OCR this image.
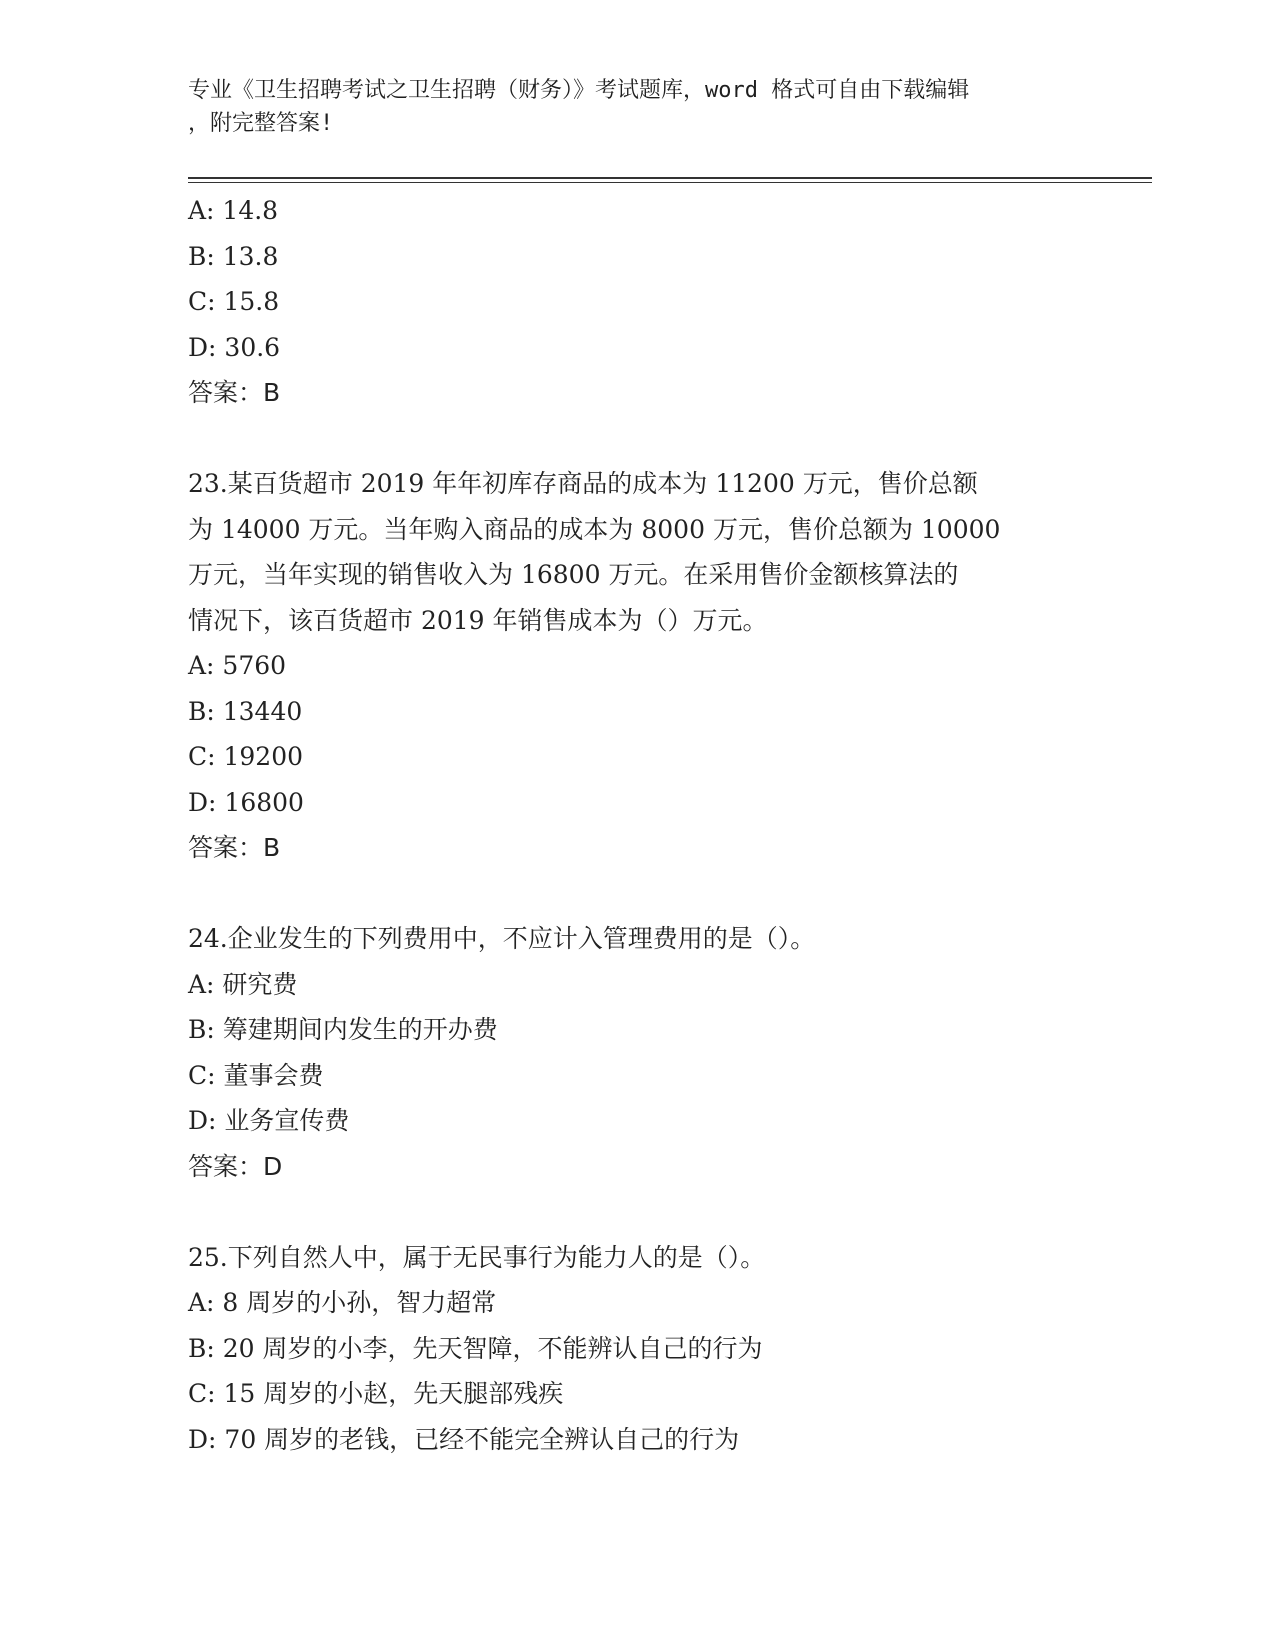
专业《卫生招聘考试之卫生招聘（财务）》考试题库，word 格式可自由下载编辑
，附完整答案!
A: 14.8
B: 13.8
C: 15.8
D: 30.6
答案：B
23.某百货超市 2019 年年初库存商品的成本为 11200 万元，售价总额
为 14000 万元。当年购入商品的成本为 8000 万元，售价总额为 10000
万元，当年实现的销售收入为 16800 万元。在采用售价金额核算法的
情况下，该百货超市 2019 年销售成本为（）万元。
A: 5760
B: 13440
C: 19200
D: 16800
答案：B
24.企业发生的下列费用中，不应计入管理费用的是（）。
A: 研究费
B: 筹建期间内发生的开办费
C: 董事会费
D: 业务宣传费
答案：D
25.下列自然人中，属于无民事行为能力人的是（）。
A: 8 周岁的小孙，智力超常
B: 20 周岁的小李，先天智障，不能辨认自己的行为
C: 15 周岁的小赵，先天腿部残疾
D: 70 周岁的老钱，已经不能完全辨认自己的行为
